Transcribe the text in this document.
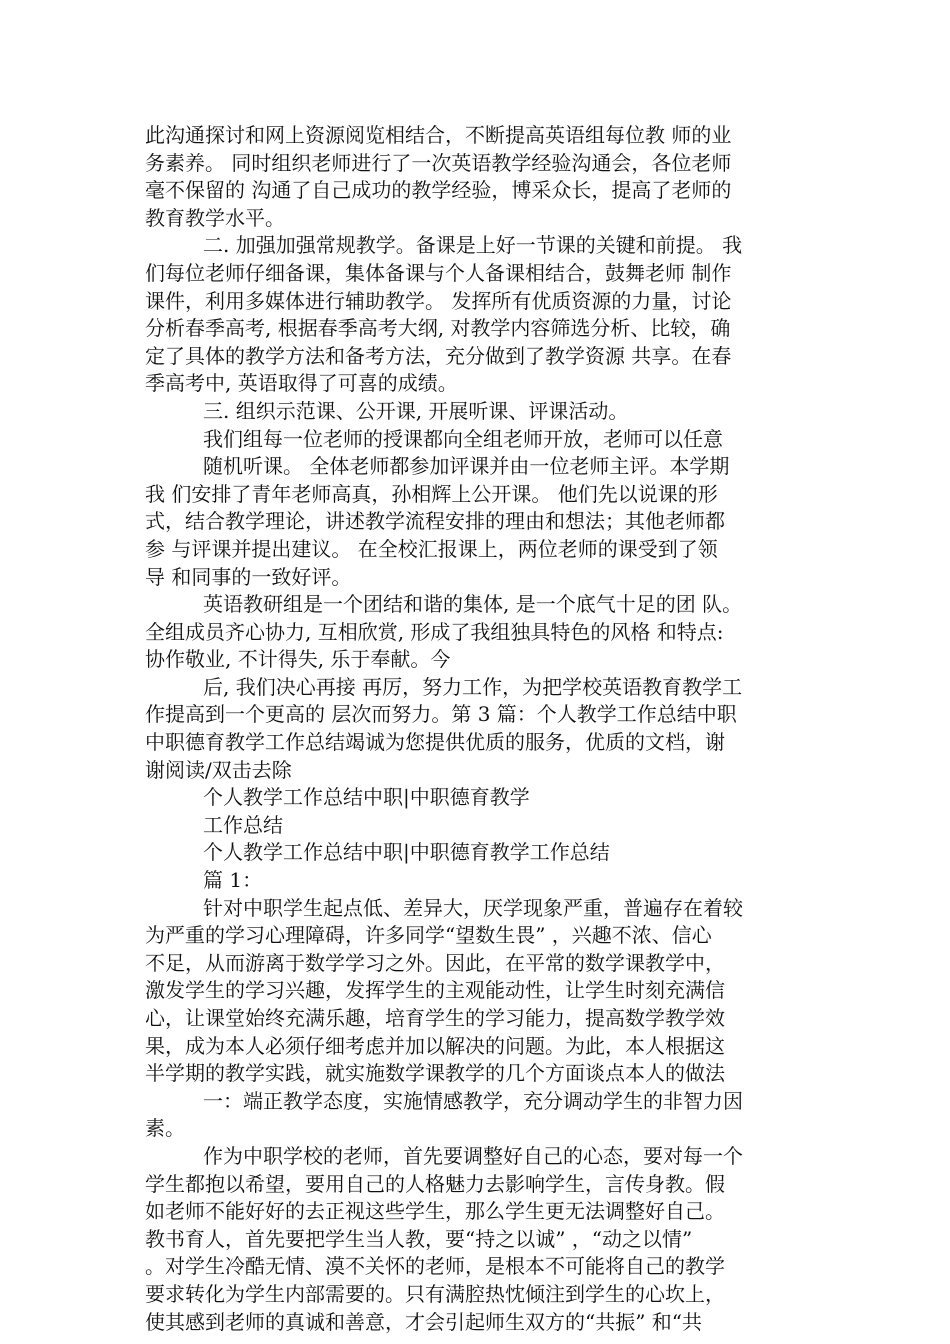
此沟通探讨和网上资源阅览相结合，不断提高英语组每位教 师的业

务素养。 同时组织老师进行了一次英语教学经验沟通会，各位老师

毫不保留的 沟通了自己成功的教学经验，博采众长，提高了老师的

教育教学水平。

二. 加强加强常规教学。备课是上好一节课的关键和前提。 我

们每位老师仔细备课，集体备课与个人备课相结合，鼓舞老师 制作

课件，利用多媒体进行辅助教学。 发挥所有优质资源的力量，讨论

分析春季高考, 根据春季高考大纲, 对教学内容筛选分析、比较，确

定了具体的教学方法和备考方法，充分做到了教学资源 共享。在春

季高考中, 英语取得了可喜的成绩。

三. 组织示范课、公开课, 开展听课、评课活动。

我们组每一位老师的授课都向全组老师开放，老师可以任意

随机听课。 全体老师都参加评课并由一位老师主评。本学期

我 们安排了青年老师高真，孙相辉上公开课。 他们先以说课的形

式，结合教学理论，讲述教学流程安排的理由和想法；其他老师都

参 与评课并提出建议。 在全校汇报课上，两位老师的课受到了领

导 和同事的一致好评。

英语教研组是一个团结和谐的集体, 是一个底气十足的团 队。

全组成员齐心协力, 互相欣赏, 形成了我组独具特色的风格 和特点:

协作敬业, 不计得失, 乐于奉献。今

后, 我们决心再接 再厉，努力工作，为把学校英语教育教学工

作提高到一个更高的 层次而努力。第 3 篇：个人教学工作总结中职

中职德育教学工作总结竭诚为您提供优质的服务，优质的文档，谢

谢阅读/双击去除

个人教学工作总结中职|中职德育教学

工作总结

个人教学工作总结中职|中职德育教学工作总结

篇 1：

针对中职学生起点低、差异大，厌学现象严重，普遍存在着较

为严重的学习心理障碍，许多同学“望数生畏” ，兴趣不浓、信心

不足，从而游离于数学学习之外。因此，在平常的数学课教学中，

激发学生的学习兴趣，发挥学生的主观能动性，让学生时刻充满信

心，让课堂始终充满乐趣，培育学生的学习能力，提高数学教学效

果，成为本人必须仔细考虑并加以解决的问题。为此，本人根据这

半学期的教学实践，就实施数学课教学的几个方面谈点本人的做法

一：端正教学态度，实施情感教学，充分调动学生的非智力因

素。

作为中职学校的老师，首先要调整好自己的心态，要对每一个

学生都抱以希望，要用自己的人格魅力去影响学生，言传身教。假

如老师不能好好的去正视这些学生，那么学生更无法调整好自己。

教书育人，首先要把学生当人教，要“持之以诚” ，“动之以情”

。对学生冷酷无情、漠不关怀的老师，是根本不可能将自己的教学

要求转化为学生内部需要的。只有满腔热忱倾注到学生的心坎上，

使其感到老师的真诚和善意，才会引起师生双方的“共振” 和“共
